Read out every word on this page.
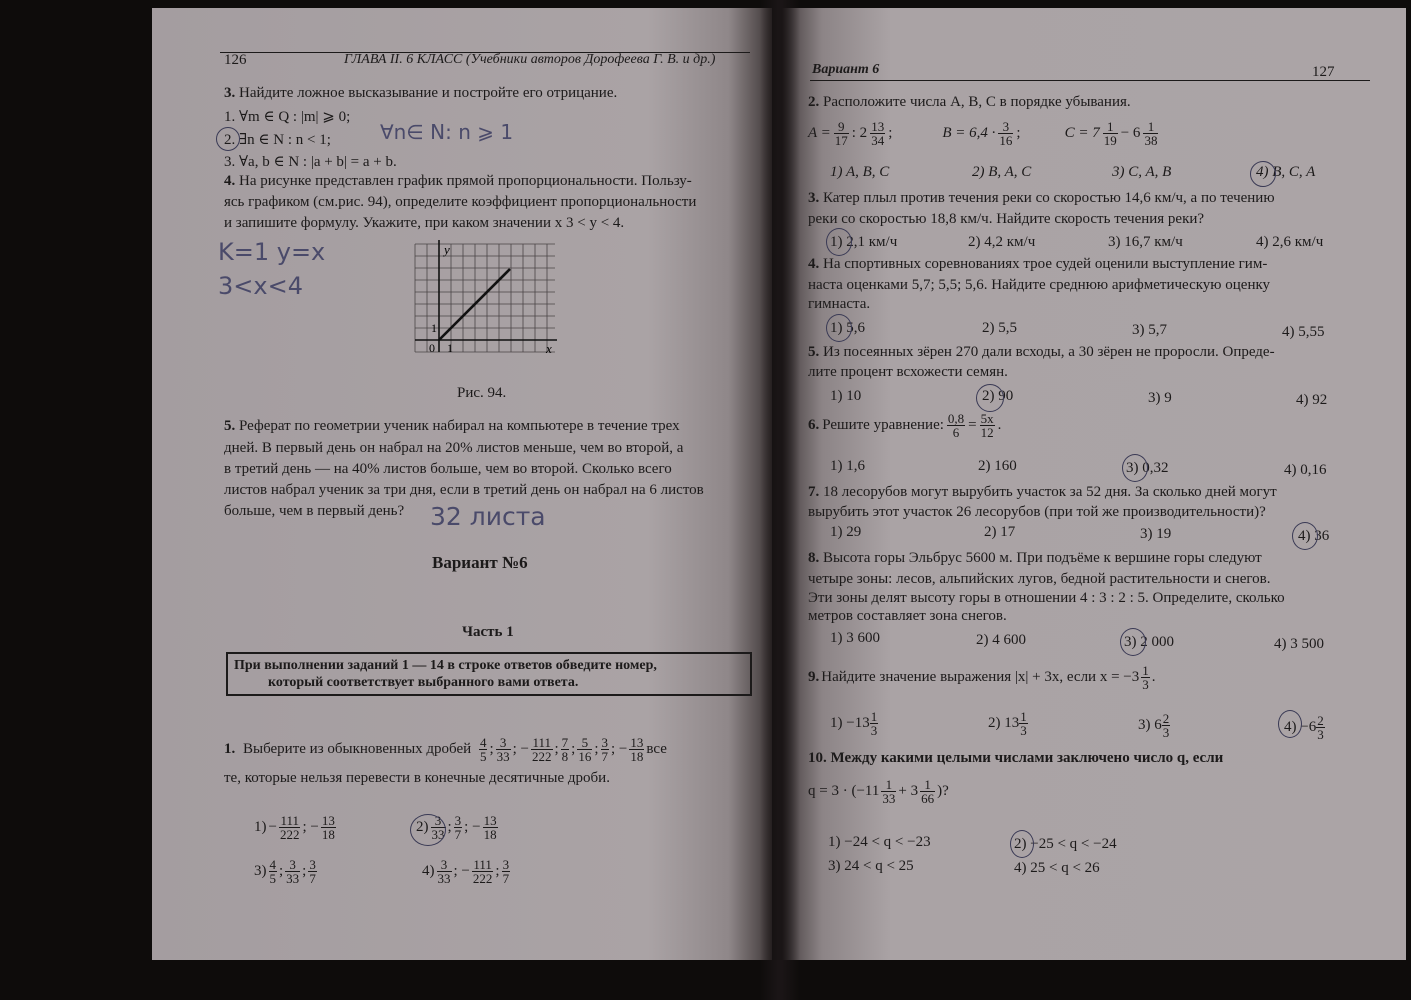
126	ГЛАВА II. 6 КЛАСС (Учебники авторов Дорофеева Г. В. и др.)
3. Найдите ложное высказывание и постройте его отрицание.
1. ∀m ∈ Q : |m| ⩾ 0;
2. ∃n ∈ N : n < 1; ∀n∈ N: n ⩾ 1
3. ∀a, b ∈ N : |a + b| = a + b.
4. На рисунке представлен график прямой пропорциональности. Пользу-
ясь графиком (см.рис. 94), определите коэффициент пропорциональности
и запишите формулу. Укажите, при каком значении x 3 < y < 4.
K=1 y=x
3<x<4
y
x
0 1
1
Рис. 94.
5. Реферат по геометрии ученик набирал на компьютере в течение трех
дней. В первый день он набрал на 20% листов меньше, чем во второй, а
в третий день — на 40% листов больше, чем во второй. Сколько всего
листов набрал ученик за три дня, если в третий день он набрал на 6 листов
больше, чем в первый день? 32 листа
Вариант №6
Часть 1
При выполнении заданий 1 — 14 в строке ответов обведите номер,
который соответствует выбранного вами ответа.
1.
Выберите из обыкновенных дробей
$\frac{4}{5}$ ; $\frac{3}{33}$ ; − $\frac{111}{222}$ ; $\frac{7}{8}$ ; $\frac{5}{16}$ ; $\frac{3}{7}$ ; − $\frac{13}{18}$ все
те, которые нельзя перевести в конечные десятичные дроби.
$1) - \frac{111}{222}$ ; − $\frac{13}{18}$	$2) \frac{3}{33}$ ; $\frac{3}{7}$ ; − $\frac{13}{18}$
$3) \frac{4}{5}$ ; $\frac{3}{33}$ ; $\frac{3}{7}$	$4) \frac{3}{33}$ ; − $\frac{111}{222}$ ; $\frac{3}{7}$
Вариант 6	127
2. Расположите числа A, B, C в порядке убывания.
$A = \frac{9}{17}$ : $2 \frac{13}{34}$ ;	$B = 6,4 \cdot \frac{3}{16}$ ;	$C = 7 \frac{1}{19} - 6 \frac{1}{38}$
1) A, B, C	2) B, A, C	3) C, A, B	4) B, C, A
3. Катер плыл против течения реки со скоростью 14,6 км/ч, а по течению
реки со скоростью 18,8 км/ч. Найдите скорость течения реки?
1) 2,1 км/ч	2) 4,2 км/ч	3) 16,7 км/ч	4) 2,6 км/ч
4. На спортивных соревнованиях трое судей оценили выступление гим-
наста оценками 5,7; 5,5; 5,6. Найдите среднюю арифметическую оценку
гимнаста.
1) 5,6	2) 5,5	3) 5,7	4) 5,55
5. Из посеянных зёрен 270 дали всходы, а 30 зёрен не проросли. Опреде-
лите процент всхожести семян.
1) 10	2) 90	3) 9	4) 92
6. Решите уравнение: $\frac{0,8}{6} = \frac{5x}{12}$ .
1) 1,6	2) 160	3) 0,32	4) 0,16
7. 18 лесорубов могут вырубить участок за 52 дня. За сколько дней могут
вырубить этот участок 26 лесорубов (при той же производительности)?
1) 29	2) 17	3) 19	4) 36
8. Высота горы Эльбрус 5600 м. При подъёме к вершине горы следуют
четыре зоны: лесов, альпийских лугов, бедной растительности и снегов.
Эти зоны делят высоту горы в отношении 4 : 3 : 2 : 5. Определите, сколько
метров составляет зона снегов.
1) 3 600	2) 4 600	3) 2 000	4) 3 500
9. Найдите значение выражения |x| + 3x, если $x = -3 \frac{1}{3}$ .
$1) -13 \frac{1}{3}$	2) $13 \frac{1}{3}$	3) $6 \frac{2}{3}$	$4) -6 \frac{2}{3}$
10. Между какими целыми числами заключено число q, если
$q = 3 \cdot (-11 \frac{1}{33} + 3 \frac{1}{66}$ )?
1) −24 < q < −23	2) −25 < q < −24
3) 24 < q < 25	4) 25 < q < 26
